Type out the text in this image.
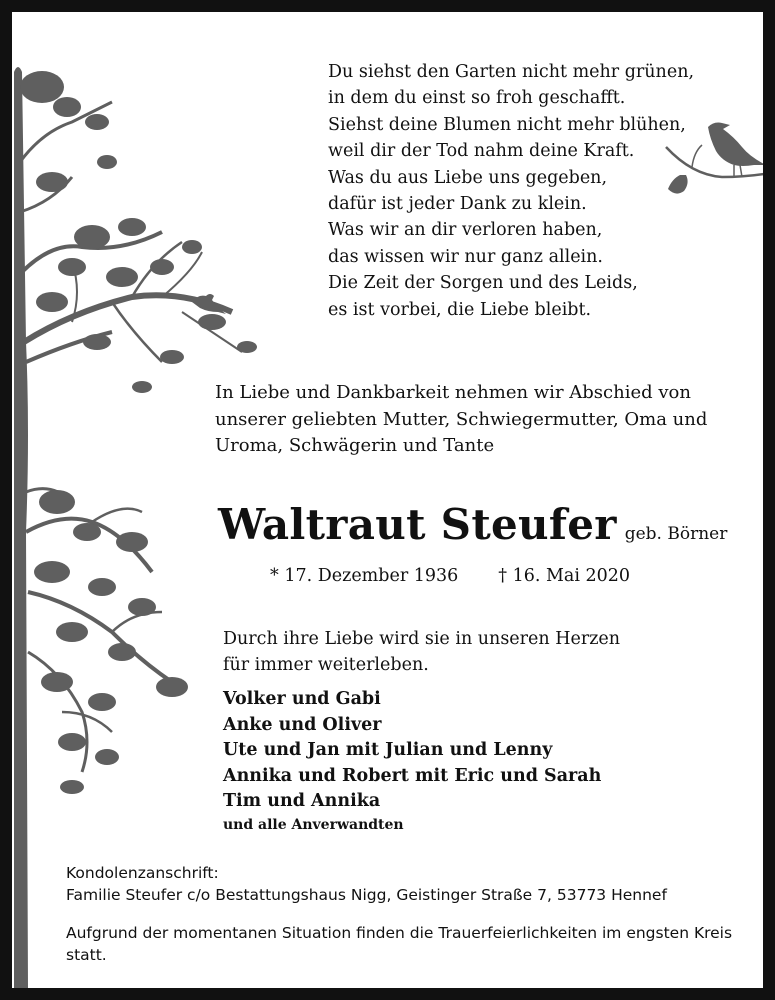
Du siehst den Garten nicht mehr grünen,
in dem du einst so froh geschafft.
Siehst deine Blumen nicht mehr blühen,
weil dir der Tod nahm deine Kraft.
Was du aus Liebe uns gegeben,
dafür ist jeder Dank zu klein.
Was wir an dir verloren haben,
das wissen wir nur ganz allein.
Die Zeit der Sorgen und des Leids,
es ist vorbei, die Liebe bleibt.
In Liebe und Dankbarkeit nehmen wir Abschied von
unserer geliebten Mutter, Schwiegermutter, Oma und
Uroma, Schwägerin und Tante
Waltraut Steufer geb. Börner
* 17. Dezember 1936 † 16. Mai 2020
Durch ihre Liebe wird sie in unseren Herzen
für immer weiterleben.
Volker und Gabi
Anke und Oliver
Ute und Jan mit Julian und Lenny
Annika und Robert mit Eric und Sarah
Tim und Annika
und alle Anverwandten
Kondolenzanschrift:
Familie Steufer c/o Bestattungshaus Nigg, Geistinger Straße 7, 53773 Hennef
Aufgrund der momentanen Situation finden die Trauerfeierlichkeiten im engsten Kreis statt.
